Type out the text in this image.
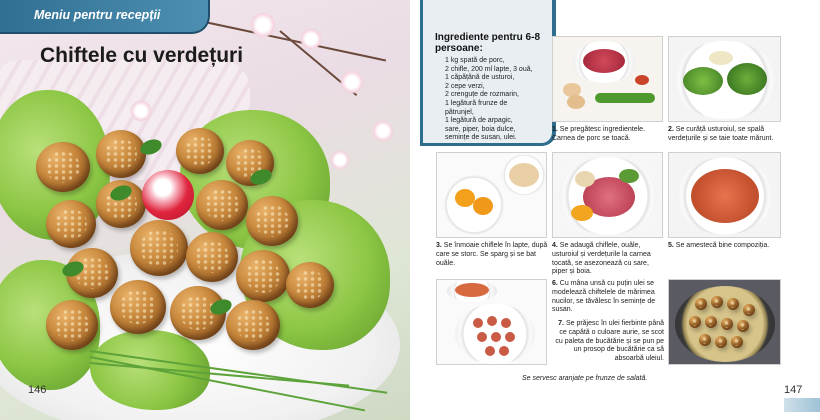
Meniu pentru recepții
Chiftele cu verdețuri
146
Ingrediente pentru 6-8 persoane:
1 kg spată de porc,
2 chifle, 200 ml lapte, 3 ouă,
1 căpățână de usturoi,
2 cepe verzi,
2 crenguțe de rozmarin,
1 legătură frunze de
pătrunjel,
1 legătură de arpagic,
sare, piper, boia dulce,
semințe de susan, ulei.
1. Se pregătesc ingredientele. Carnea de porc se toacă.
2. Se curăță usturoiul, se spală verdețurile și se taie toate mărunt.
3. Se înmoaie chiflele în lapte, după care se storc. Se sparg și se bat ouăle.
4. Se adaugă chiflele, ouăle, usturoiul și verdețurile la carnea tocată, se asezonează cu sare, piper și boia.
5. Se amestecă bine compoziția.
6. Cu mâna unsă cu puțin ulei se modelează chiftelele de mărimea nucilor, se tăvălesc în semințe de susan.
7. Se prăjesc în ulei fierbinte până ce capătă o culoare aurie, se scot cu paleta de bucătărie și se pun pe un prosop de bucătărie ca să absoarbă uleiul.
Se servesc aranjate pe frunze de salată.
147
